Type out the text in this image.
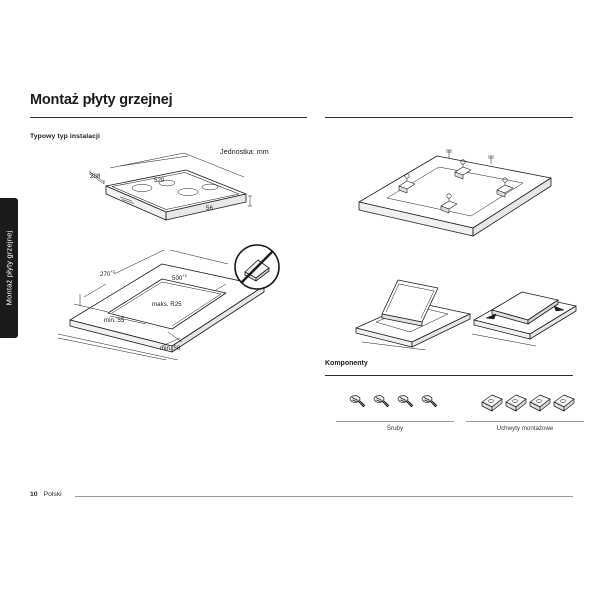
Montaż płyty grzejnej
Montaż płyty grzejnej
Typowy typ instalacji
Jednostka: mm
288
520
56
$270^{+1}$
$500^{+1}$
maks. R25
min. 55
min. 50
Komponenty
Śruby	Uchwyty montażowe
10 Polski
